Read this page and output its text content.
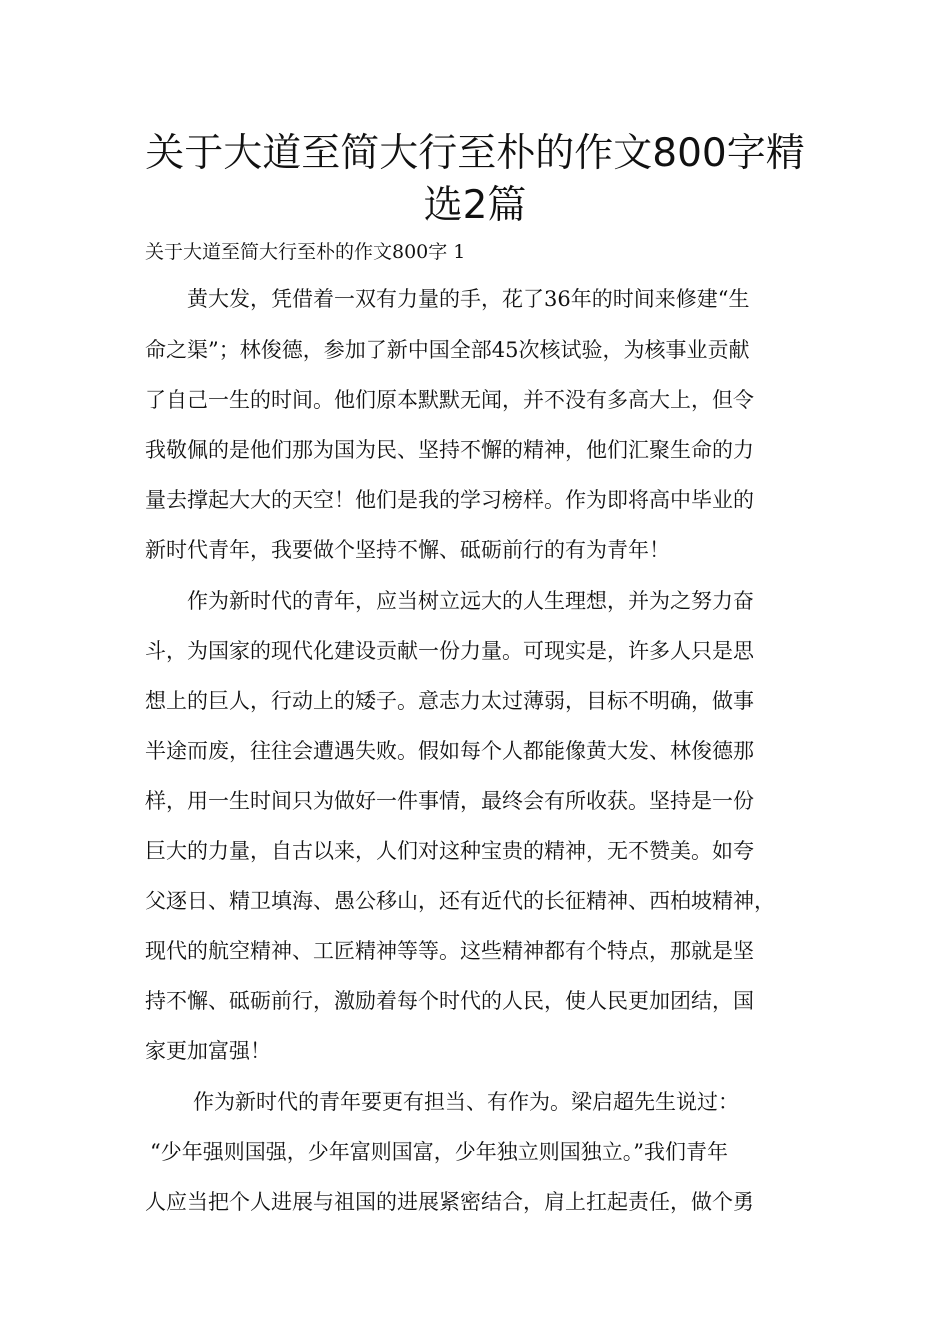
关于大道至简大行至朴的作文800字精
选2篇
关于大道至简大行至朴的作文800字 1

黄大发，凭借着一双有力量的手，花了36年的时间来修建“生

命之渠”；林俊德，参加了新中国全部45次核试验，为核事业贡献

了自己一生的时间。他们原本默默无闻，并不没有多高大上，但令

我敬佩的是他们那为国为民、坚持不懈的精神，他们汇聚生命的力

量去撑起大大的天空！他们是我的学习榜样。作为即将高中毕业的

新时代青年，我要做个坚持不懈、砥砺前行的有为青年！

作为新时代的青年，应当树立远大的人生理想，并为之努力奋

斗，为国家的现代化建设贡献一份力量。可现实是，许多人只是思

想上的巨人，行动上的矮子。意志力太过薄弱，目标不明确，做事

半途而废，往往会遭遇失败。假如每个人都能像黄大发、林俊德那

样，用一生时间只为做好一件事情，最终会有所收获。坚持是一份

巨大的力量，自古以来，人们对这种宝贵的精神，无不赞美。如夸

父逐日、精卫填海、愚公移山，还有近代的长征精神、西柏坡精神，

现代的航空精神、工匠精神等等。这些精神都有个特点，那就是坚

持不懈、砥砺前行，激励着每个时代的人民，使人民更加团结，国

家更加富强！

作为新时代的青年要更有担当、有作为。梁启超先生说过：

“少年强则国强，少年富则国富，少年独立则国独立。”我们青年

人应当把个人进展与祖国的进展紧密结合，肩上扛起责任，做个勇
